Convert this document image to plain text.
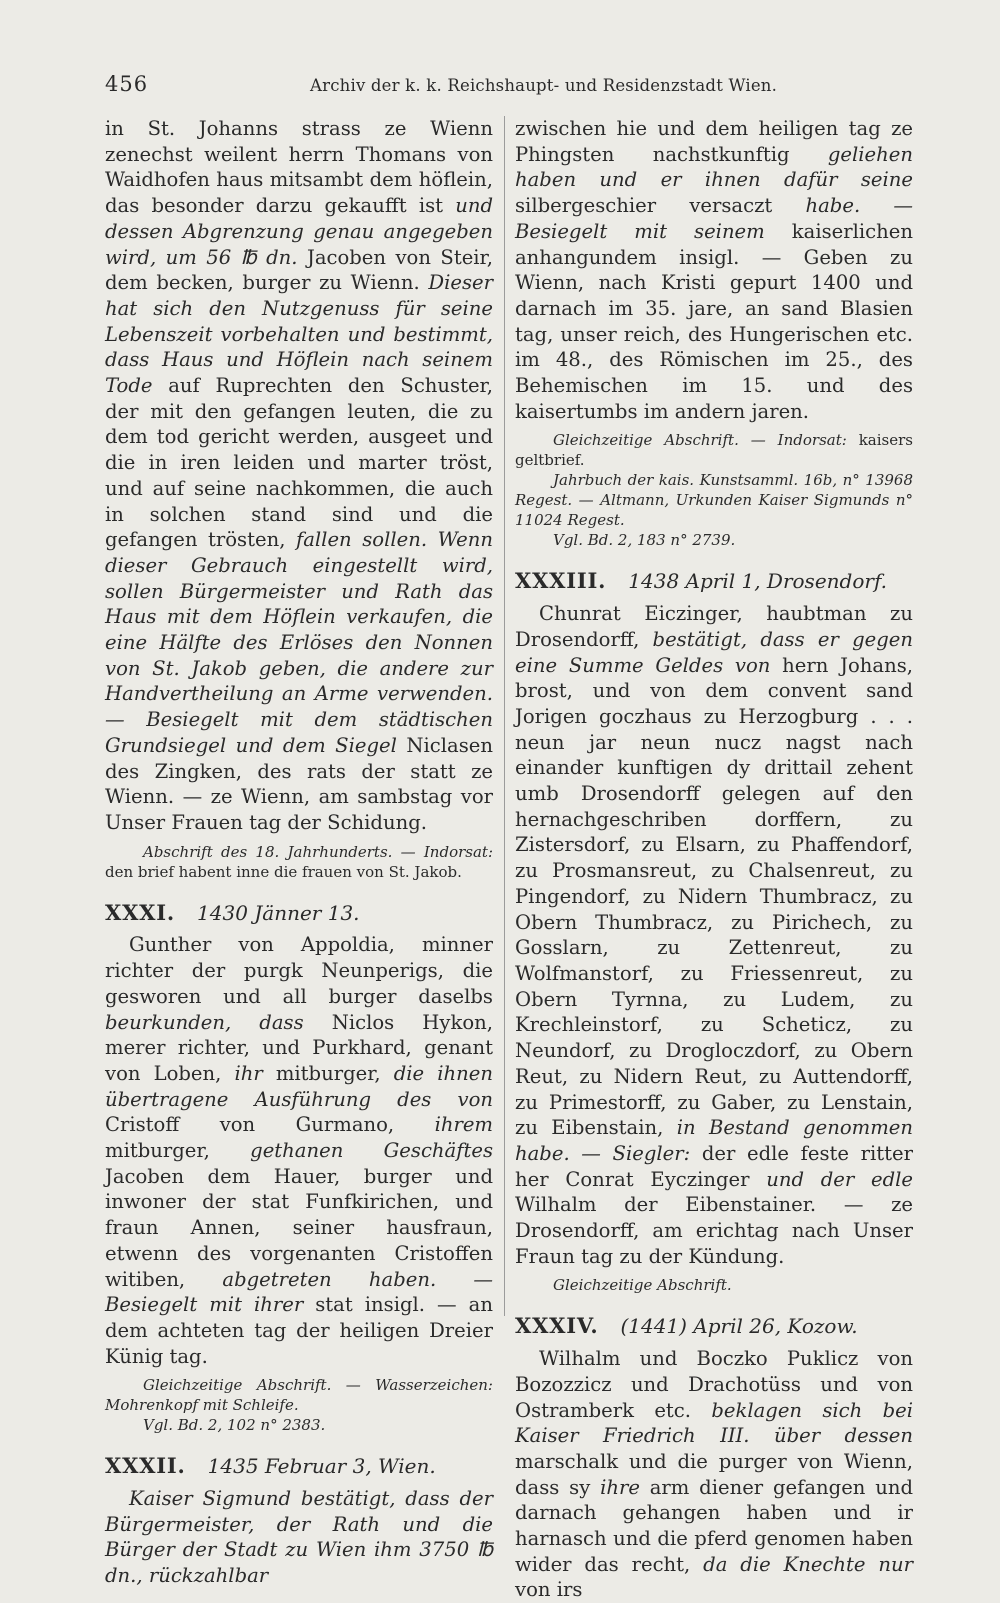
456	Archiv der k. k. Reichshaupt- und Residenzstadt Wien.

in St. Johanns strass ze Wienn zenechst weilent herrn Thomans von Waidhofen haus mitsambt dem höflein, das besonder darzu gekaufft ist und dessen Abgrenzung genau angegeben wird, um 56 ℔ dn. Jacoben von Steir, dem becken, burger zu Wienn. Dieser hat sich den Nutzgenuss für seine Lebenszeit vorbehalten und bestimmt, dass Haus und Höflein nach seinem Tode auf Ruprechten den Schuster, der mit den gefangen leuten, die zu dem tod gericht werden, ausgeet und die in iren leiden und marter tröst, und auf seine nachkommen, die auch in solchen stand sind und die gefangen trösten, fallen sollen. Wenn dieser Gebrauch eingestellt wird, sollen Bürgermeister und Rath das Haus mit dem Höflein verkaufen, die eine Hälfte des Erlöses den Nonnen von St. Jakob geben, die andere zur Handvertheilung an Arme verwenden. — Besiegelt mit dem städtischen Grundsiegel und dem Siegel Niclasen des Zingken, des rats der statt ze Wienn. — ze Wienn, am sambstag vor Unser Frauen tag der Schidung.

Abschrift des 18. Jahrhunderts. — Indorsat: den brief habent inne die frauen von St. Jakob.
XXXI. 1430 Jänner 13.

Gunther von Appoldia, minner richter der purgk Neunperigs, die gesworen und all burger daselbs beurkunden, dass Niclos Hykon, merer richter, und Purkhard, genant von Loben, ihr mitburger, die ihnen übertragene Ausführung des von Cristoff von Gurmano, ihrem mitburger, gethanen Geschäftes Jacoben dem Hauer, burger und inwoner der stat Funfkirichen, und fraun Annen, seiner hausfraun, etwenn des vorgenanten Cristoffen witiben, abgetreten haben. — Besiegelt mit ihrer stat insigl. — an dem achteten tag der heiligen Dreier Künig tag.

Gleichzeitige Abschrift. — Wasserzeichen: Mohrenkopf mit Schleife.
Vgl. Bd. 2, 102 n° 2383.
XXXII. 1435 Februar 3, Wien.

Kaiser Sigmund bestätigt, dass der Bürgermeister, der Rath und die Bürger der Stadt zu Wien ihm 3750 ℔ dn., rückzahlbar

zwischen hie und dem heiligen tag ze Phingsten nachstkunftig geliehen haben und er ihnen dafür seine silbergeschier versaczt habe. — Besiegelt mit seinem kaiserlichen anhangundem insigl. — Geben zu Wienn, nach Kristi gepurt 1400 und darnach im 35. jare, an sand Blasien tag, unser reich, des Hungerischen etc. im 48., des Römischen im 25., des Behemischen im 15. und des kaisertumbs im andern jaren.

Gleichzeitige Abschrift. — Indorsat: kaisers geltbrief.
Jahrbuch der kais. Kunstsamml. 16b, n° 13968 Regest. — Altmann, Urkunden Kaiser Sigmunds n° 11024 Regest.
Vgl. Bd. 2, 183 n° 2739.
XXXIII. 1438 April 1, Drosendorf.

Chunrat Eiczinger, haubtman zu Drosendorff, bestätigt, dass er gegen eine Summe Geldes von hern Johans, brost, und von dem convent sand Jorigen goczhaus zu Herzogburg . . . neun jar neun nucz nagst nach einander kunftigen dy drittail zehent umb Drosendorff gelegen auf den hernachgeschriben dorffern, zu Zistersdorf, zu Elsarn, zu Phaffendorf, zu Prosmansreut, zu Chalsenreut, zu Pingendorf, zu Nidern Thumbracz, zu Obern Thumbracz, zu Pirichech, zu Gosslarn, zu Zettenreut, zu Wolfmanstorf, zu Friessenreut, zu Obern Tyrnna, zu Ludem, zu Krechleinstorf, zu Scheticz, zu Neundorf, zu Drogloczdorf, zu Obern Reut, zu Nidern Reut, zu Auttendorff, zu Primestorff, zu Gaber, zu Lenstain, zu Eibenstain, in Bestand genommen habe. — Siegler: der edle feste ritter her Conrat Eyczinger und der edle Wilhalm der Eibenstainer. — ze Drosendorff, am erichtag nach Unser Fraun tag zu der Kündung.

Gleichzeitige Abschrift.
XXXIV. (1441) April 26, Kozow.

Wilhalm und Boczko Puklicz von Bozozzicz und Drachotüss und von Ostramberk etc. beklagen sich bei Kaiser Friedrich III. über dessen marschalk und die purger von Wienn, dass sy ihre arm diener gefangen und darnach gehangen haben und ir harnasch und die pferd genomen haben wider das recht, da die Knechte nur von irs
